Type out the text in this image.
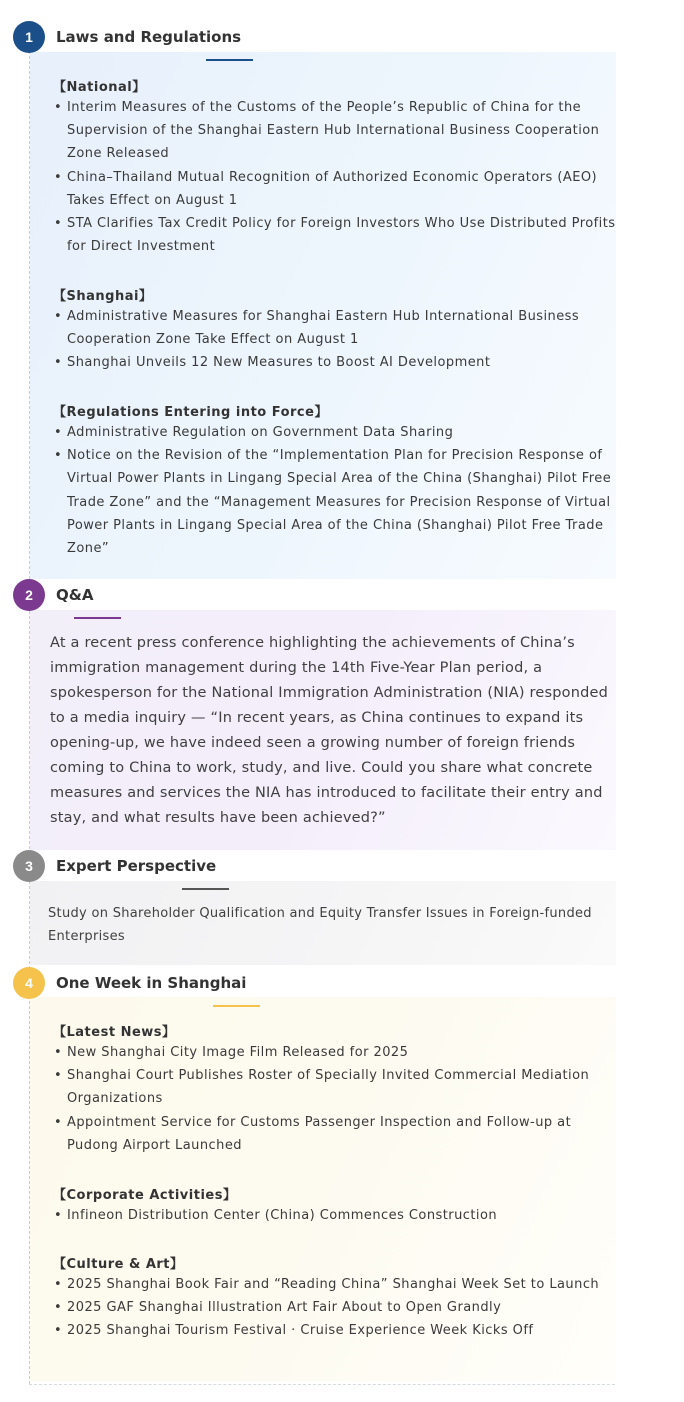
1	Laws and Regulations
【National】
• Interim Measures of the Customs of the People’s Republic of China for the Supervision of the Shanghai Eastern Hub International Business Cooperation Zone Released
• China–Thailand Mutual Recognition of Authorized Economic Operators (AEO) Takes Effect on August 1
• STA Clarifies Tax Credit Policy for Foreign Investors Who Use Distributed Profits for Direct Investment
【Shanghai】
• Administrative Measures for Shanghai Eastern Hub International Business Cooperation Zone Take Effect on August 1
• Shanghai Unveils 12 New Measures to Boost AI Development
【Regulations Entering into Force】
• Administrative Regulation on Government Data Sharing
• Notice on the Revision of the “Implementation Plan for Precision Response of Virtual Power Plants in Lingang Special Area of the China (Shanghai) Pilot Free Trade Zone” and the “Management Measures for Precision Response of Virtual Power Plants in Lingang Special Area of the China (Shanghai) Pilot Free Trade Zone”
2	Q&A

At a recent press conference highlighting the achievements of China’s immigration management during the 14th Five-Year Plan period, a spokesperson for the National Immigration Administration (NIA) responded to a media inquiry — “In recent years, as China continues to expand its opening-up, we have indeed seen a growing number of foreign friends coming to China to work, study, and live. Could you share what concrete measures and services the NIA has introduced to facilitate their entry and stay, and what results have been achieved?”

3	Expert Perspective

Study on Shareholder Qualification and Equity Transfer Issues in Foreign-funded Enterprises

4	One Week in Shanghai
【Latest News】
• New Shanghai City Image Film Released for 2025
• Shanghai Court Publishes Roster of Specially Invited Commercial Mediation Organizations
• Appointment Service for Customs Passenger Inspection and Follow-up at Pudong Airport Launched
【Corporate Activities】
• Infineon Distribution Center (China) Commences Construction
【Culture & Art】
• 2025 Shanghai Book Fair and “Reading China” Shanghai Week Set to Launch
• 2025 GAF Shanghai Illustration Art Fair About to Open Grandly
• 2025 Shanghai Tourism Festival · Cruise Experience Week Kicks Off
